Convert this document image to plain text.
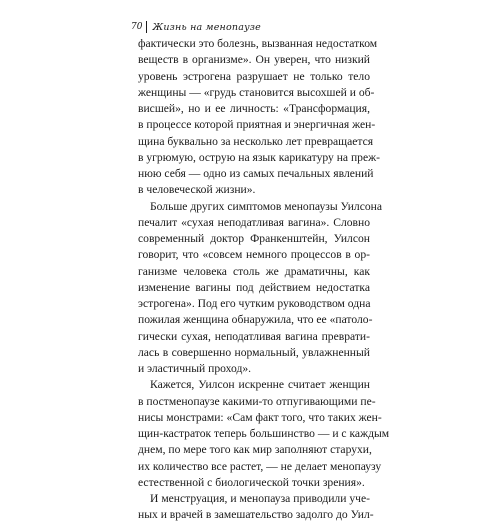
70 Жизнь на менопаузе
фактически это болезнь, вызванная недостатком
веществ в организме». Он уверен, что низкий
уровень эстрогена разрушает не только тело
женщины — «грудь становится высохшей и об-
висшей», но и ее личность: «Трансформация,
в процессе которой приятная и энергичная жен-
щина буквально за несколько лет превращается
в угрюмую, острую на язык карикатуру на преж-
нюю себя — одно из самых печальных явлений
в человеческой жизни».
Больше других симптомов менопаузы Уилсона
печалит «сухая неподатливая вагина». Словно
современный доктор Франкенштейн, Уилсон
говорит, что «совсем немного процессов в ор-
ганизме человека столь же драматичны, как
изменение вагины под действием недостатка
эстрогена». Под его чутким руководством одна
пожилая женщина обнаружила, что ее «патоло-
гически сухая, неподатливая вагина преврати-
лась в совершенно нормальный, увлажненный
и эластичный проход».
Кажется, Уилсон искренне считает женщин
в постменопаузе какими-то отпугивающими пе-
нисы монстрами: «Сам факт того, что таких жен-
щин-кастраток теперь большинство — и с каждым
днем, по мере того как мир заполняют старухи,
их количество все растет, — не делает менопаузу
естественной с биологической точки зрения».
И менструация, и менопауза приводили уче-
ных и врачей в замешательство задолго до Уил-
